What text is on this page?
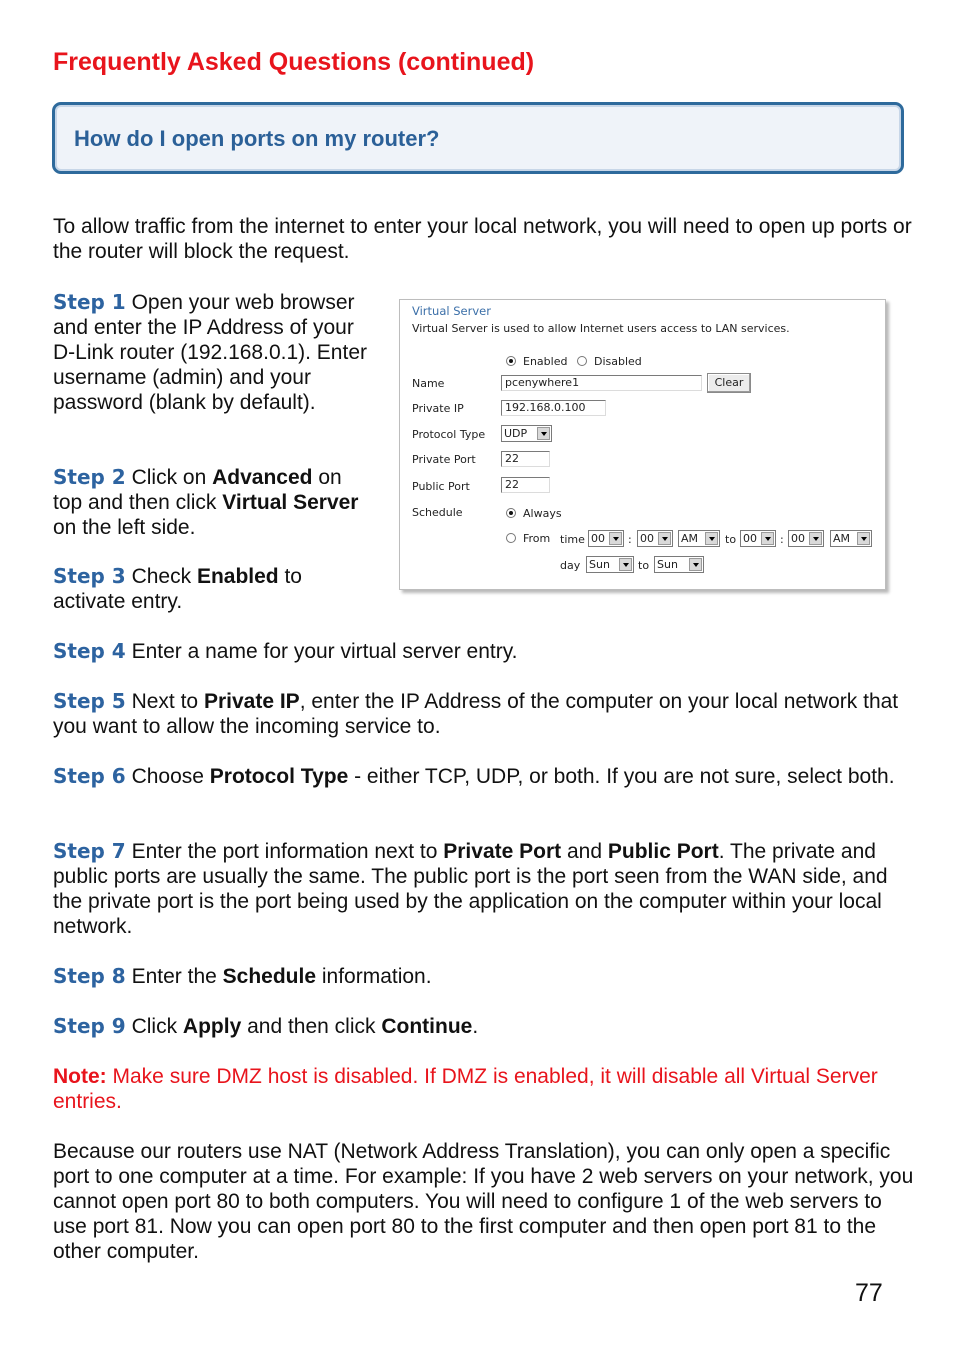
Frequently Asked Questions (continued)
How do I open ports on my router?
To allow traffic from the internet to enter your local network, you will need to open up ports or the router will block the request.
Step 1 Open your web browser and enter the IP Address of your D-Link router (192.168.0.1). Enter username (admin) and your password (blank by default).
Step 2 Click on Advanced on top and then click Virtual Server on the left side.
Step 3 Check Enabled to activate entry.
Virtual Server
Virtual Server is used to allow Internet users access to LAN services.
Enabled Disabled
Name	pcenywhere1	Clear
Private IP	192.168.0.100
Protocol Type UDP
Private Port	22
Public Port	22
Schedule	Always
From time 00	: 00	AM	to 00	: 00	AM
day Sun	to Sun
Step 4 Enter a name for your virtual server entry.
Step 5 Next to Private IP, enter the IP Address of the computer on your local network that you want to allow the incoming service to.
Step 6 Choose Protocol Type - either TCP, UDP, or both. If you are not sure, select both.
Step 7 Enter the port information next to Private Port and Public Port. The private and public ports are usually the same. The public port is the port seen from the WAN side, and the private port is the port being used by the application on the computer within your local network.
Step 8 Enter the Schedule information.
Step 9 Click Apply and then click Continue.
Note: Make sure DMZ host is disabled. If DMZ is enabled, it will disable all Virtual Server entries.
Because our routers use NAT (Network Address Translation), you can only open a specific port to one computer at a time. For example: If you have 2 web servers on your network, you cannot open port 80 to both computers. You will need to configure 1 of the web servers to use port 81. Now you can open port 80 to the first computer and then open port 81 to the other computer.
77
